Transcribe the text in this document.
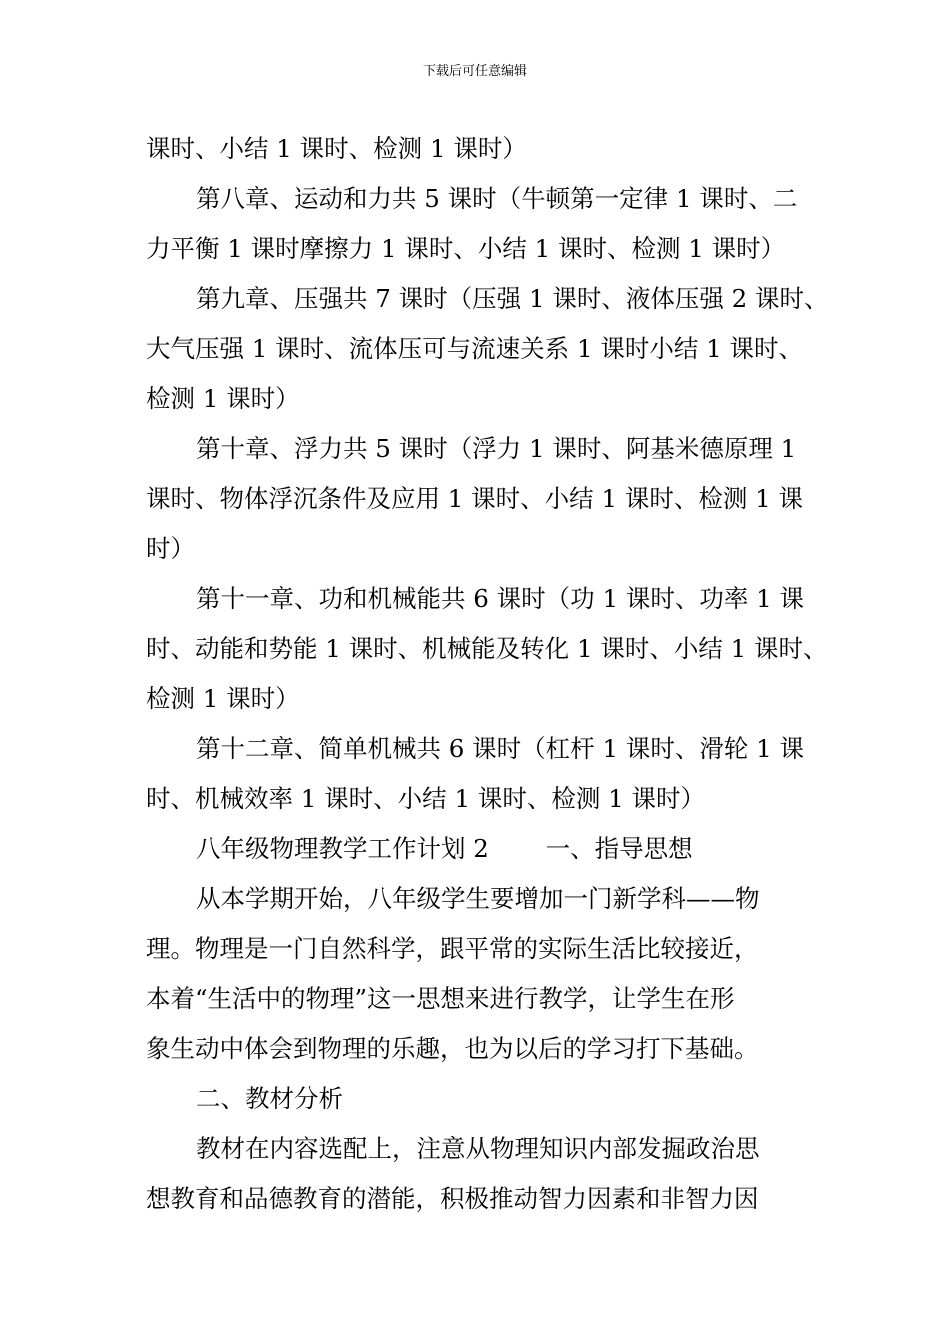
下载后可任意编辑
课时、小结 1 课时、检测 1 课时）
第八章、运动和力共 5 课时（牛顿第一定律 1 课时、二
力平衡 1 课时摩擦力 1 课时、小结 1 课时、检测 1 课时）
第九章、压强共 7 课时（压强 1 课时、液体压强 2 课时、
大气压强 1 课时、流体压可与流速关系 1 课时小结 1 课时、
检测 1 课时）
第十章、浮力共 5 课时（浮力 1 课时、阿基米德原理 1
课时、物体浮沉条件及应用 1 课时、小结 1 课时、检测 1 课
时）
第十一章、功和机械能共 6 课时（功 1 课时、功率 1 课
时、动能和势能 1 课时、机械能及转化 1 课时、小结 1 课时、
检测 1 课时）
第十二章、简单机械共 6 课时（杠杆 1 课时、滑轮 1 课
时、机械效率 1 课时、小结 1 课时、检测 1 课时）
八年级物理教学工作计划 2　　 一、指导思想
从本学期开始，八年级学生要增加一门新学科——物
理。物理是一门自然科学，跟平常的实际生活比较接近，
本着“生活中的物理”这一思想来进行教学，让学生在形
象生动中体会到物理的乐趣，也为以后的学习打下基础。
二、教材分析
教材在内容选配上，注意从物理知识内部发掘政治思
想教育和品德教育的潜能，积极推动智力因素和非智力因
